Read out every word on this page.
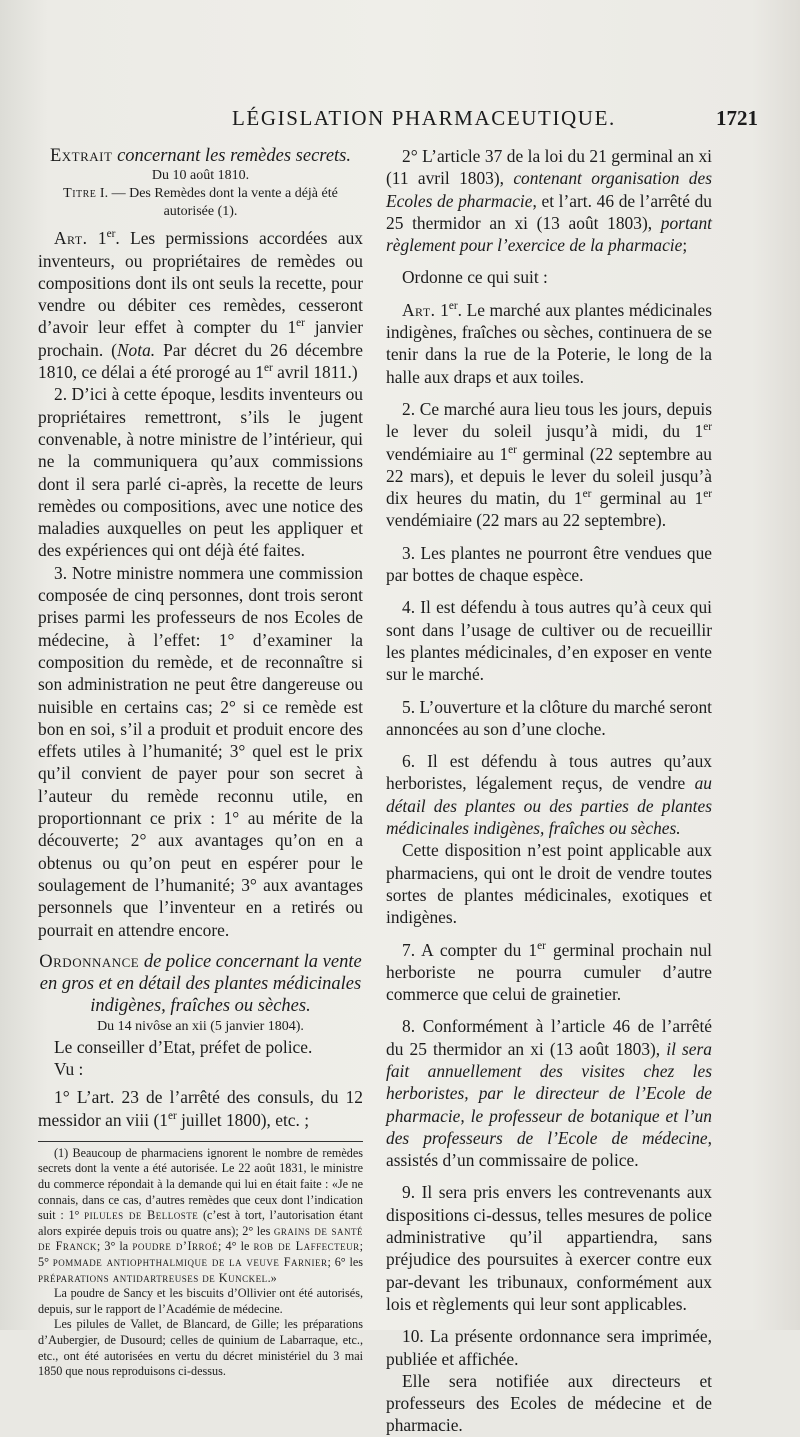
LÉGISLATION PHARMACEUTIQUE.	1721

Extrait concernant les remèdes secrets.

Du 10 août 1810.

Titre I. — Des Remèdes dont la vente a déjà été autorisée (1).

Art. 1er. Les permissions accordées aux inventeurs, ou propriétaires de remèdes ou compositions dont ils ont seuls la recette, pour vendre ou débiter ces remèdes, cesseront d’avoir leur effet à compter du 1er janvier prochain. (Nota. Par décret du 26 décembre 1810, ce délai a été prorogé au 1er avril 1811.)

2. D’ici à cette époque, lesdits inventeurs ou propriétaires remettront, s’ils le jugent convenable, à notre ministre de l’intérieur, qui ne la communiquera qu’aux commissions dont il sera parlé ci-après, la recette de leurs remèdes ou compositions, avec une notice des maladies auxquelles on peut les appliquer et des expériences qui ont déjà été faites.

3. Notre ministre nommera une commission composée de cinq personnes, dont trois seront prises parmi les professeurs de nos Ecoles de médecine, à l’effet: 1° d’examiner la composition du remède, et de reconnaître si son administration ne peut être dangereuse ou nuisible en certains cas; 2° si ce remède est bon en soi, s’il a produit et produit encore des effets utiles à l’humanité; 3° quel est le prix qu’il convient de payer pour son secret à l’auteur du remède reconnu utile, en proportionnant ce prix : 1° au mérite de la découverte; 2° aux avantages qu’on en a obtenus ou qu’on peut en espérer pour le soulagement de l’humanité; 3° aux avantages personnels que l’inventeur en a retirés ou pourrait en attendre encore.

Ordonnance de police concernant la vente en gros et en détail des plantes médicinales indigènes, fraîches ou sèches.

Du 14 nivôse an xii (5 janvier 1804).

Le conseiller d’Etat, préfet de police.

Vu :

1° L’art. 23 de l’arrêté des consuls, du 12 messidor an viii (1er juillet 1800), etc. ;

(1) Beaucoup de pharmaciens ignorent le nombre de remèdes secrets dont la vente a été autorisée. Le 22 août 1831, le ministre du commerce répondait à la demande qui lui en était faite : «Je ne connais, dans ce cas, d’autres remèdes que ceux dont l’indication suit : 1° pilules de Belloste (c’est à tort, l’autorisation étant alors expirée depuis trois ou quatre ans); 2° les grains de santé de Franck; 3° la poudre d’Irroé; 4° le rob de Laffecteur; 5° pommade antiophthalmique de la veuve Farnier; 6° les préparations antidartreuses de Kunckel.»

La poudre de Sancy et les biscuits d’Ollivier ont été autorisés, depuis, sur le rapport de l’Académie de médecine.

Les pilules de Vallet, de Blancard, de Gille; les préparations d’Aubergier, de Dusourd; celles de quinium de Labarraque, etc., etc., ont été autorisées en vertu du décret ministériel du 3 mai 1850 que nous reproduisons ci-dessus.

2° L’article 37 de la loi du 21 germinal an xi (11 avril 1803), contenant organisation des Ecoles de pharmacie, et l’art. 46 de l’arrêté du 25 thermidor an xi (13 août 1803), portant règlement pour l’exercice de la pharmacie;

Ordonne ce qui suit :

Art. 1er. Le marché aux plantes médicinales indigènes, fraîches ou sèches, continuera de se tenir dans la rue de la Poterie, le long de la halle aux draps et aux toiles.

2. Ce marché aura lieu tous les jours, depuis le lever du soleil jusqu’à midi, du 1er vendémiaire au 1er germinal (22 septembre au 22 mars), et depuis le lever du soleil jusqu’à dix heures du matin, du 1er germinal au 1er vendémiaire (22 mars au 22 septembre).

3. Les plantes ne pourront être vendues que par bottes de chaque espèce.

4. Il est défendu à tous autres qu’à ceux qui sont dans l’usage de cultiver ou de recueillir les plantes médicinales, d’en exposer en vente sur le marché.

5. L’ouverture et la clôture du marché seront annoncées au son d’une cloche.

6. Il est défendu à tous autres qu’aux herboristes, légalement reçus, de vendre au détail des plantes ou des parties de plantes médicinales indigènes, fraîches ou sèches.

Cette disposition n’est point applicable aux pharmaciens, qui ont le droit de vendre toutes sortes de plantes médicinales, exotiques et indigènes.

7. A compter du 1er germinal prochain nul herboriste ne pourra cumuler d’autre commerce que celui de grainetier.

8. Conformément à l’article 46 de l’arrêté du 25 thermidor an xi (13 août 1803), il sera fait annuellement des visites chez les herboristes, par le directeur de l’Ecole de pharmacie, le professeur de botanique et l’un des professeurs de l’Ecole de médecine, assistés d’un commissaire de police.

9. Il sera pris envers les contrevenants aux dispositions ci-dessus, telles mesures de police administrative qu’il appartiendra, sans préjudice des poursuites à exercer contre eux par-devant les tribunaux, conformément aux lois et règlements qui leur sont applicables.

10. La présente ordonnance sera imprimée, publiée et affichée.

Elle sera notifiée aux directeurs et professeurs des Ecoles de médecine et de pharmacie.
